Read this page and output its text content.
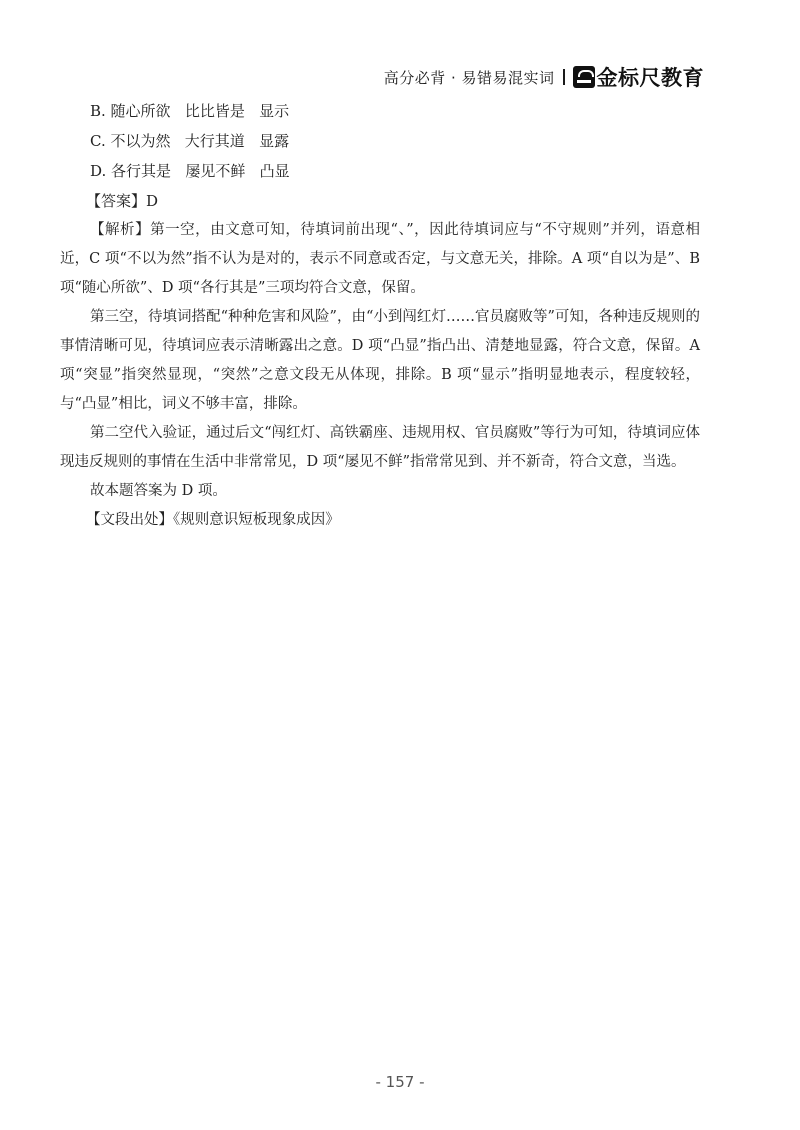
高分必背 · 易错易混实词 金标尺教育
B. 随心所欲   比比皆是   显示
C. 不以为然   大行其道   显露
D. 各行其是   屡见不鲜   凸显
【答案】D

【解析】第一空，由文意可知，待填词前出现“、”，因此待填词应与“不守规则”并列，语意相近，C 项“不以为然”指不认为是对的，表示不同意或否定，与文意无关，排除。A 项“自以为是”、B 项“随心所欲”、D 项“各行其是”三项均符合文意，保留。

第三空，待填词搭配“种种危害和风险”，由“小到闯红灯……官员腐败等”可知，各种违反规则的事情清晰可见，待填词应表示清晰露出之意。D 项“凸显”指凸出、清楚地显露，符合文意，保留。A 项“突显”指突然显现，“突然”之意文段无从体现，排除。B 项“显示”指明显地表示，程度较轻，与“凸显”相比，词义不够丰富，排除。

第二空代入验证，通过后文“闯红灯、高铁霸座、违规用权、官员腐败”等行为可知，待填词应体现违反规则的事情在生活中非常常见，D 项“屡见不鲜”指常常见到、并不新奇，符合文意，当选。

故本题答案为 D 项。

【文段出处】《规则意识短板现象成因》
- 157 -
